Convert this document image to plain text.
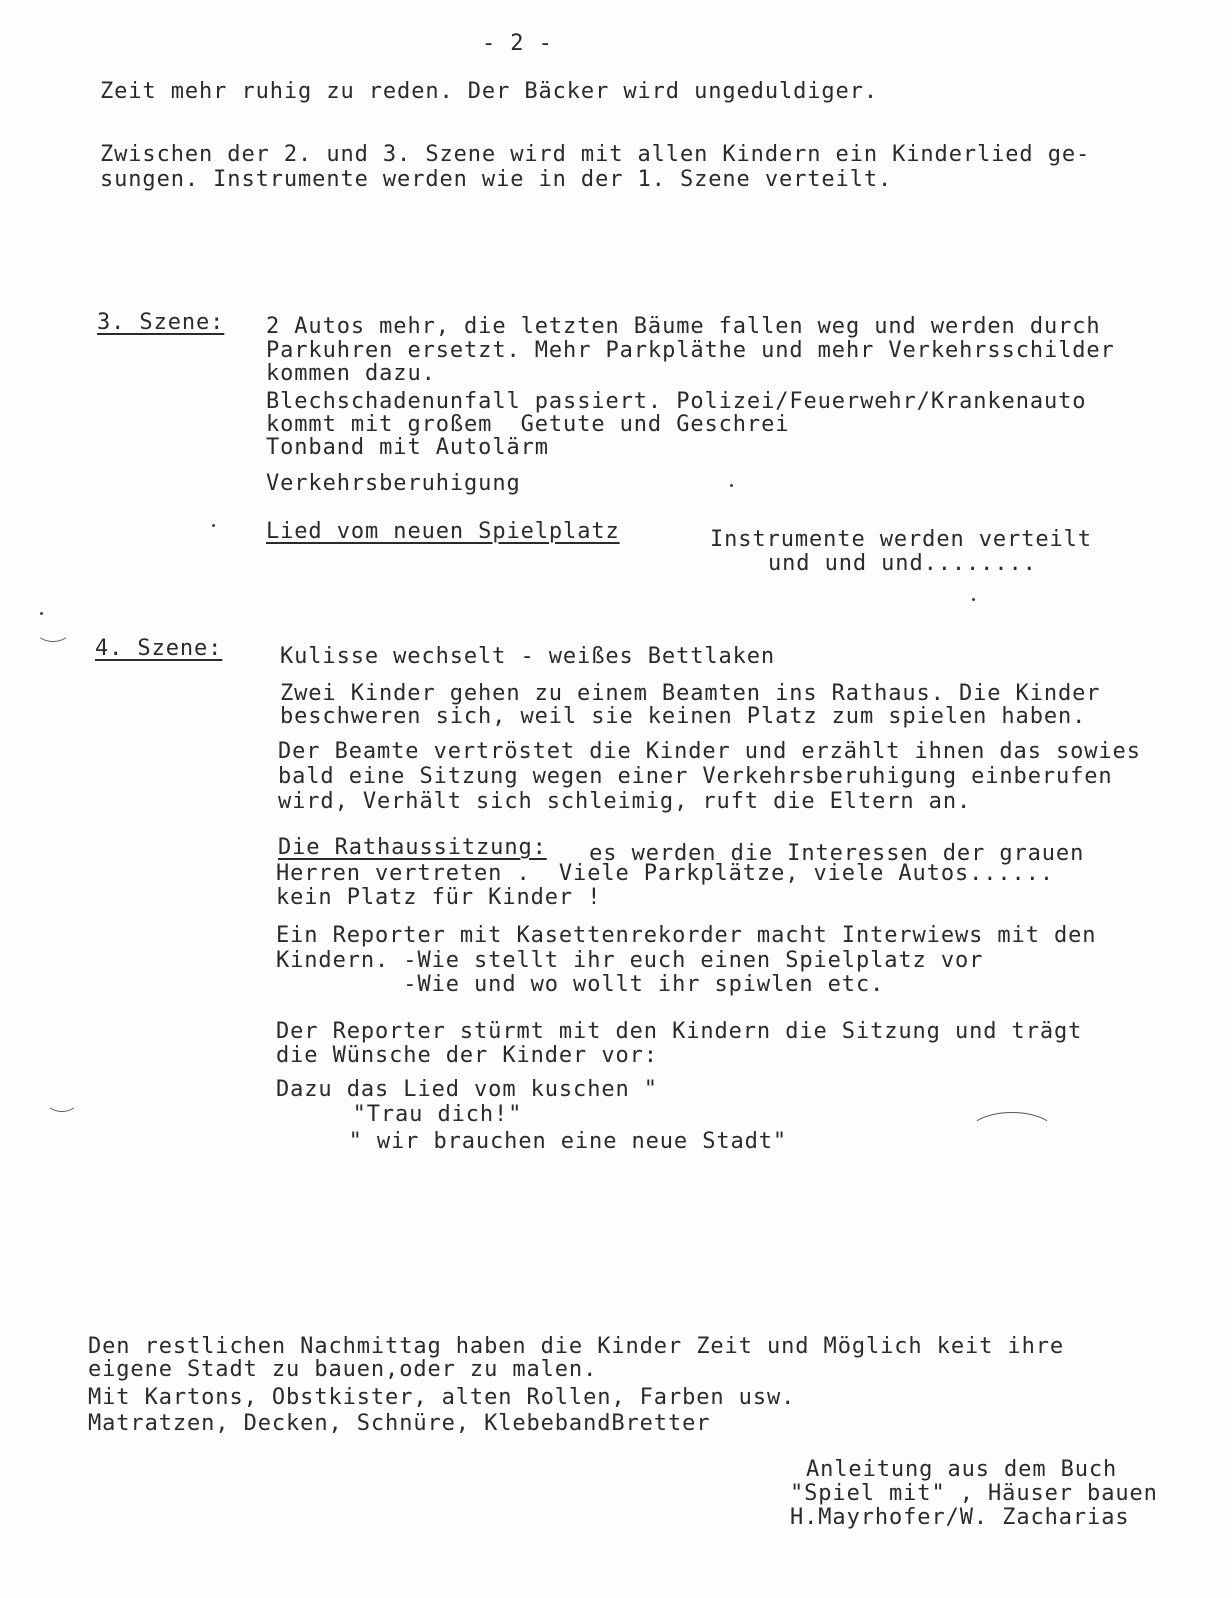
- 2 -
Zeit mehr ruhig zu reden. Der Bäcker wird ungeduldiger.
Zwischen der 2. und 3. Szene wird mit allen Kindern ein Kinderlied ge-
sungen. Instrumente werden wie in der 1. Szene verteilt.
3. Szene: 2 Autos mehr, die letzten Bäume fallen weg und werden durch
Parkuhren ersetzt. Mehr Parkpläthe und mehr Verkehrsschilder
kommen dazu.
Blechschadenunfall passiert. Polizei/Feuerwehr/Krankenauto
kommt mit großem  Getute und Geschrei
Tonband mit Autolärm
Verkehrsberuhigung
Lied vom neuen Spielplatz	Instrumente werden verteilt
und und und........
4. Szene:	Kulisse wechselt - weißes Bettlaken
Zwei Kinder gehen zu einem Beamten ins Rathaus. Die Kinder
beschweren sich, weil sie keinen Platz zum spielen haben.
Der Beamte vertröstet die Kinder und erzählt ihnen das sowies
bald eine Sitzung wegen einer Verkehrsberuhigung einberufen
wird, Verhält sich schleimig, ruft die Eltern an.
Die Rathaussitzung: es werden die Interessen der grauen
Herren vertreten .  Viele Parkplätze, viele Autos......
kein Platz für Kinder !
Ein Reporter mit Kasettenrekorder macht Interwiews mit den
Kindern. -Wie stellt ihr euch einen Spielplatz vor
-Wie und wo wollt ihr spiwlen etc.
Der Reporter stürmt mit den Kindern die Sitzung und trägt
die Wünsche der Kinder vor:
Dazu das Lied vom kuschen "
"Trau dich!"
" wir brauchen eine neue Stadt"
Den restlichen Nachmittag haben die Kinder Zeit und Möglich keit ihre
eigene Stadt zu bauen,oder zu malen.
Mit Kartons, Obstkister, alten Rollen, Farben usw.
Matratzen, Decken, Schnüre, KlebebandBretter
Anleitung aus dem Buch
"Spiel mit" , Häuser bauen
H.Mayrhofer/W. Zacharias
